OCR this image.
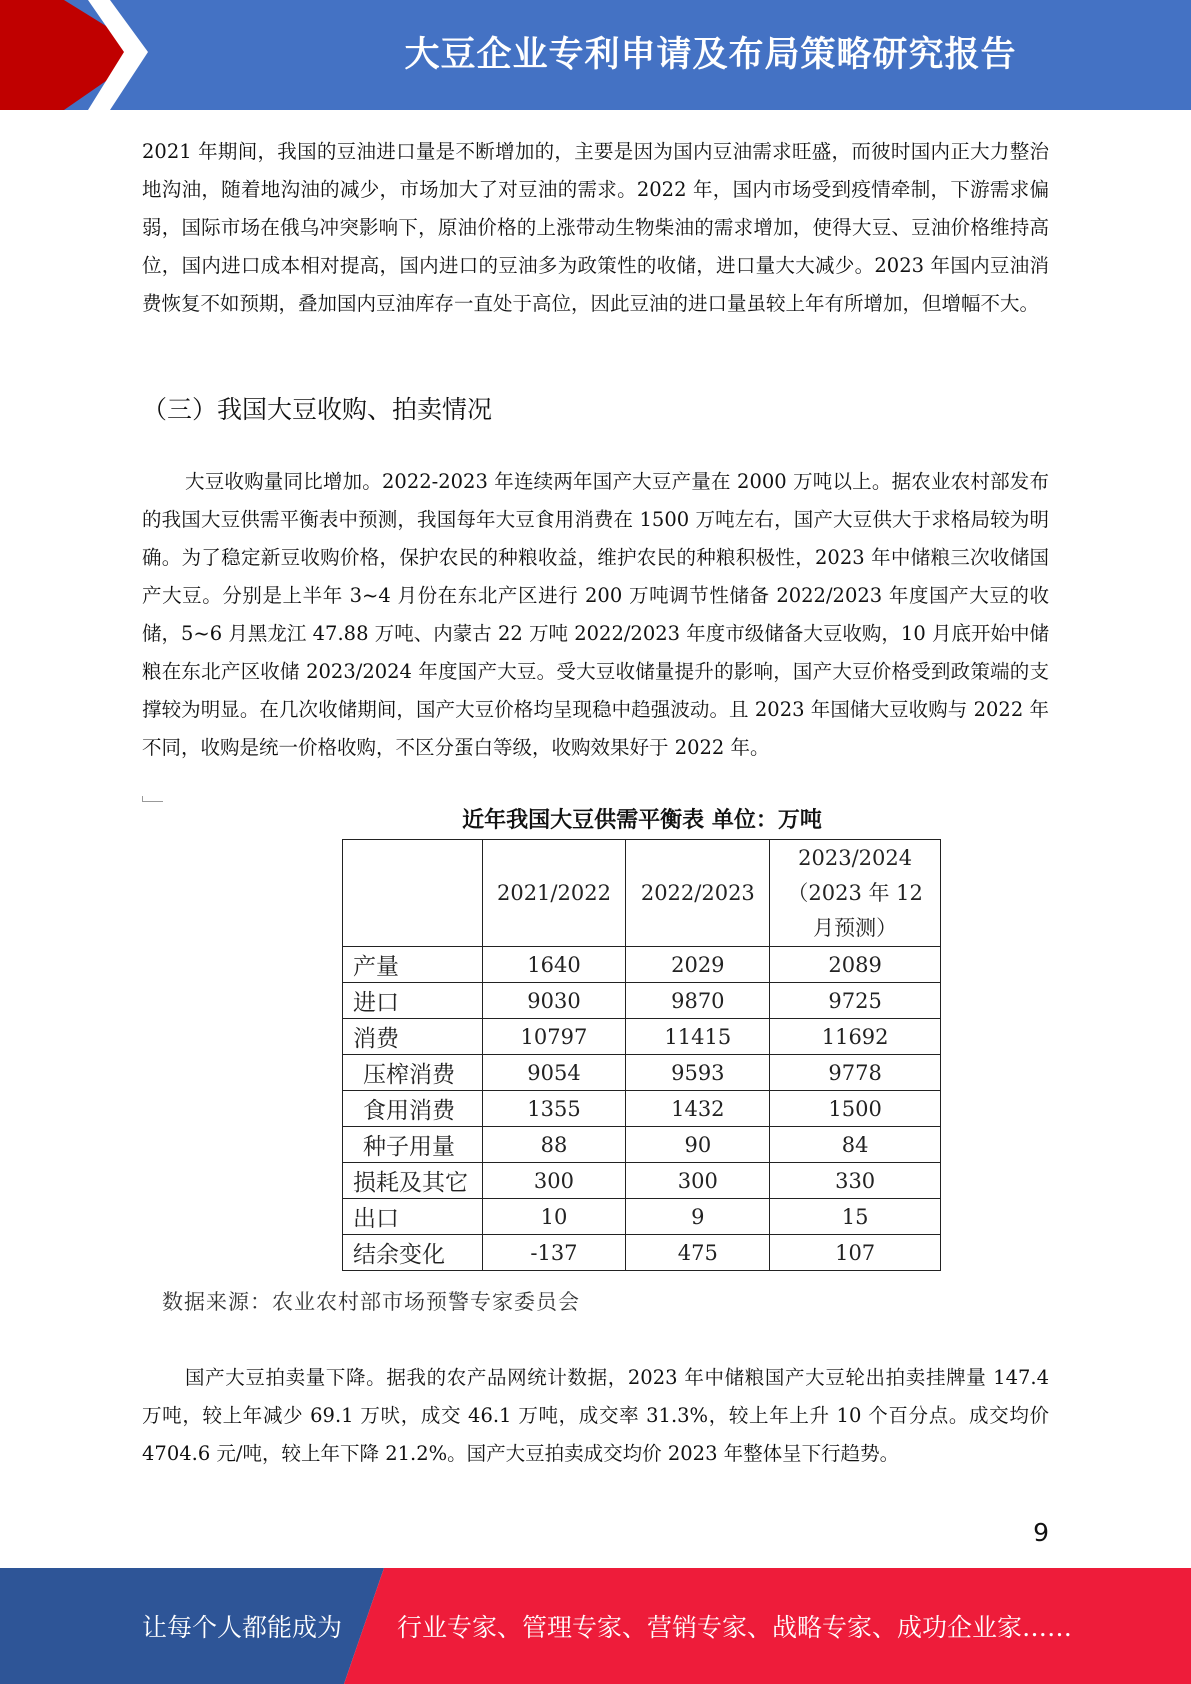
大豆企业专利申请及布局策略研究报告

2021 年期间，我国的豆油进口量是不断增加的，主要是因为国内豆油需求旺盛，而彼时国内正大力整治地沟油，随着地沟油的减少，市场加大了对豆油的需求。2022 年，国内市场受到疫情牵制，下游需求偏弱，国际市场在俄乌冲突影响下，原油价格的上涨带动生物柴油的需求增加，使得大豆、豆油价格维持高位，国内进口成本相对提高，国内进口的豆油多为政策性的收储，进口量大大减少。2023 年国内豆油消费恢复不如预期，叠加国内豆油库存一直处于高位，因此豆油的进口量虽较上年有所增加，但增幅不大。

（三）我国大豆收购、拍卖情况

大豆收购量同比增加。2022-2023 年连续两年国产大豆产量在 2000 万吨以上。据农业农村部发布的我国大豆供需平衡表中预测，我国每年大豆食用消费在 1500 万吨左右，国产大豆供大于求格局较为明确。为了稳定新豆收购价格，保护农民的种粮收益，维护农民的种粮积极性，2023 年中储粮三次收储国产大豆。分别是上半年 3~4 月份在东北产区进行 200 万吨调节性储备 2022/2023 年度国产大豆的收储，5~6 月黑龙江 47.88 万吨、内蒙古 22 万吨 2022/2023 年度市级储备大豆收购，10 月底开始中储粮在东北产区收储 2023/2024 年度国产大豆。受大豆收储量提升的影响，国产大豆价格受到政策端的支撑较为明显。在几次收储期间，国产大豆价格均呈现稳中趋强波动。且 2023 年国储大豆收购与 2022 年不同，收购是统一价格收购，不区分蛋白等级，收购效果好于 2022 年。

近年我国大豆供需平衡表 单位：万吨

	2021/2022	2022/2023	2023/2024
（2023 年 12
月预测）

产量	1640	2029	2089
进口	9030	9870	9725
消费	10797	11415	11692
压榨消费	9054	9593	9778
食用消费	1355	1432	1500
种子用量	88	90	84
损耗及其它	300	300	330
出口	10	9	15
结余变化	-137	475	107

数据来源：农业农村部市场预警专家委员会

国产大豆拍卖量下降。据我的农产品网统计数据，2023 年中储粮国产大豆轮出拍卖挂牌量 147.4 万吨，较上年减少 69.1 万吠，成交 46.1 万吨，成交率 31.3%，较上年上升 10 个百分点。成交均价 4704.6 元/吨，较上年下降 21.2%。国产大豆拍卖成交均价 2023 年整体呈下行趋势。

9
让每个人都能成为 行业专家、管理专家、营销专家、战略专家、成功企业家……
